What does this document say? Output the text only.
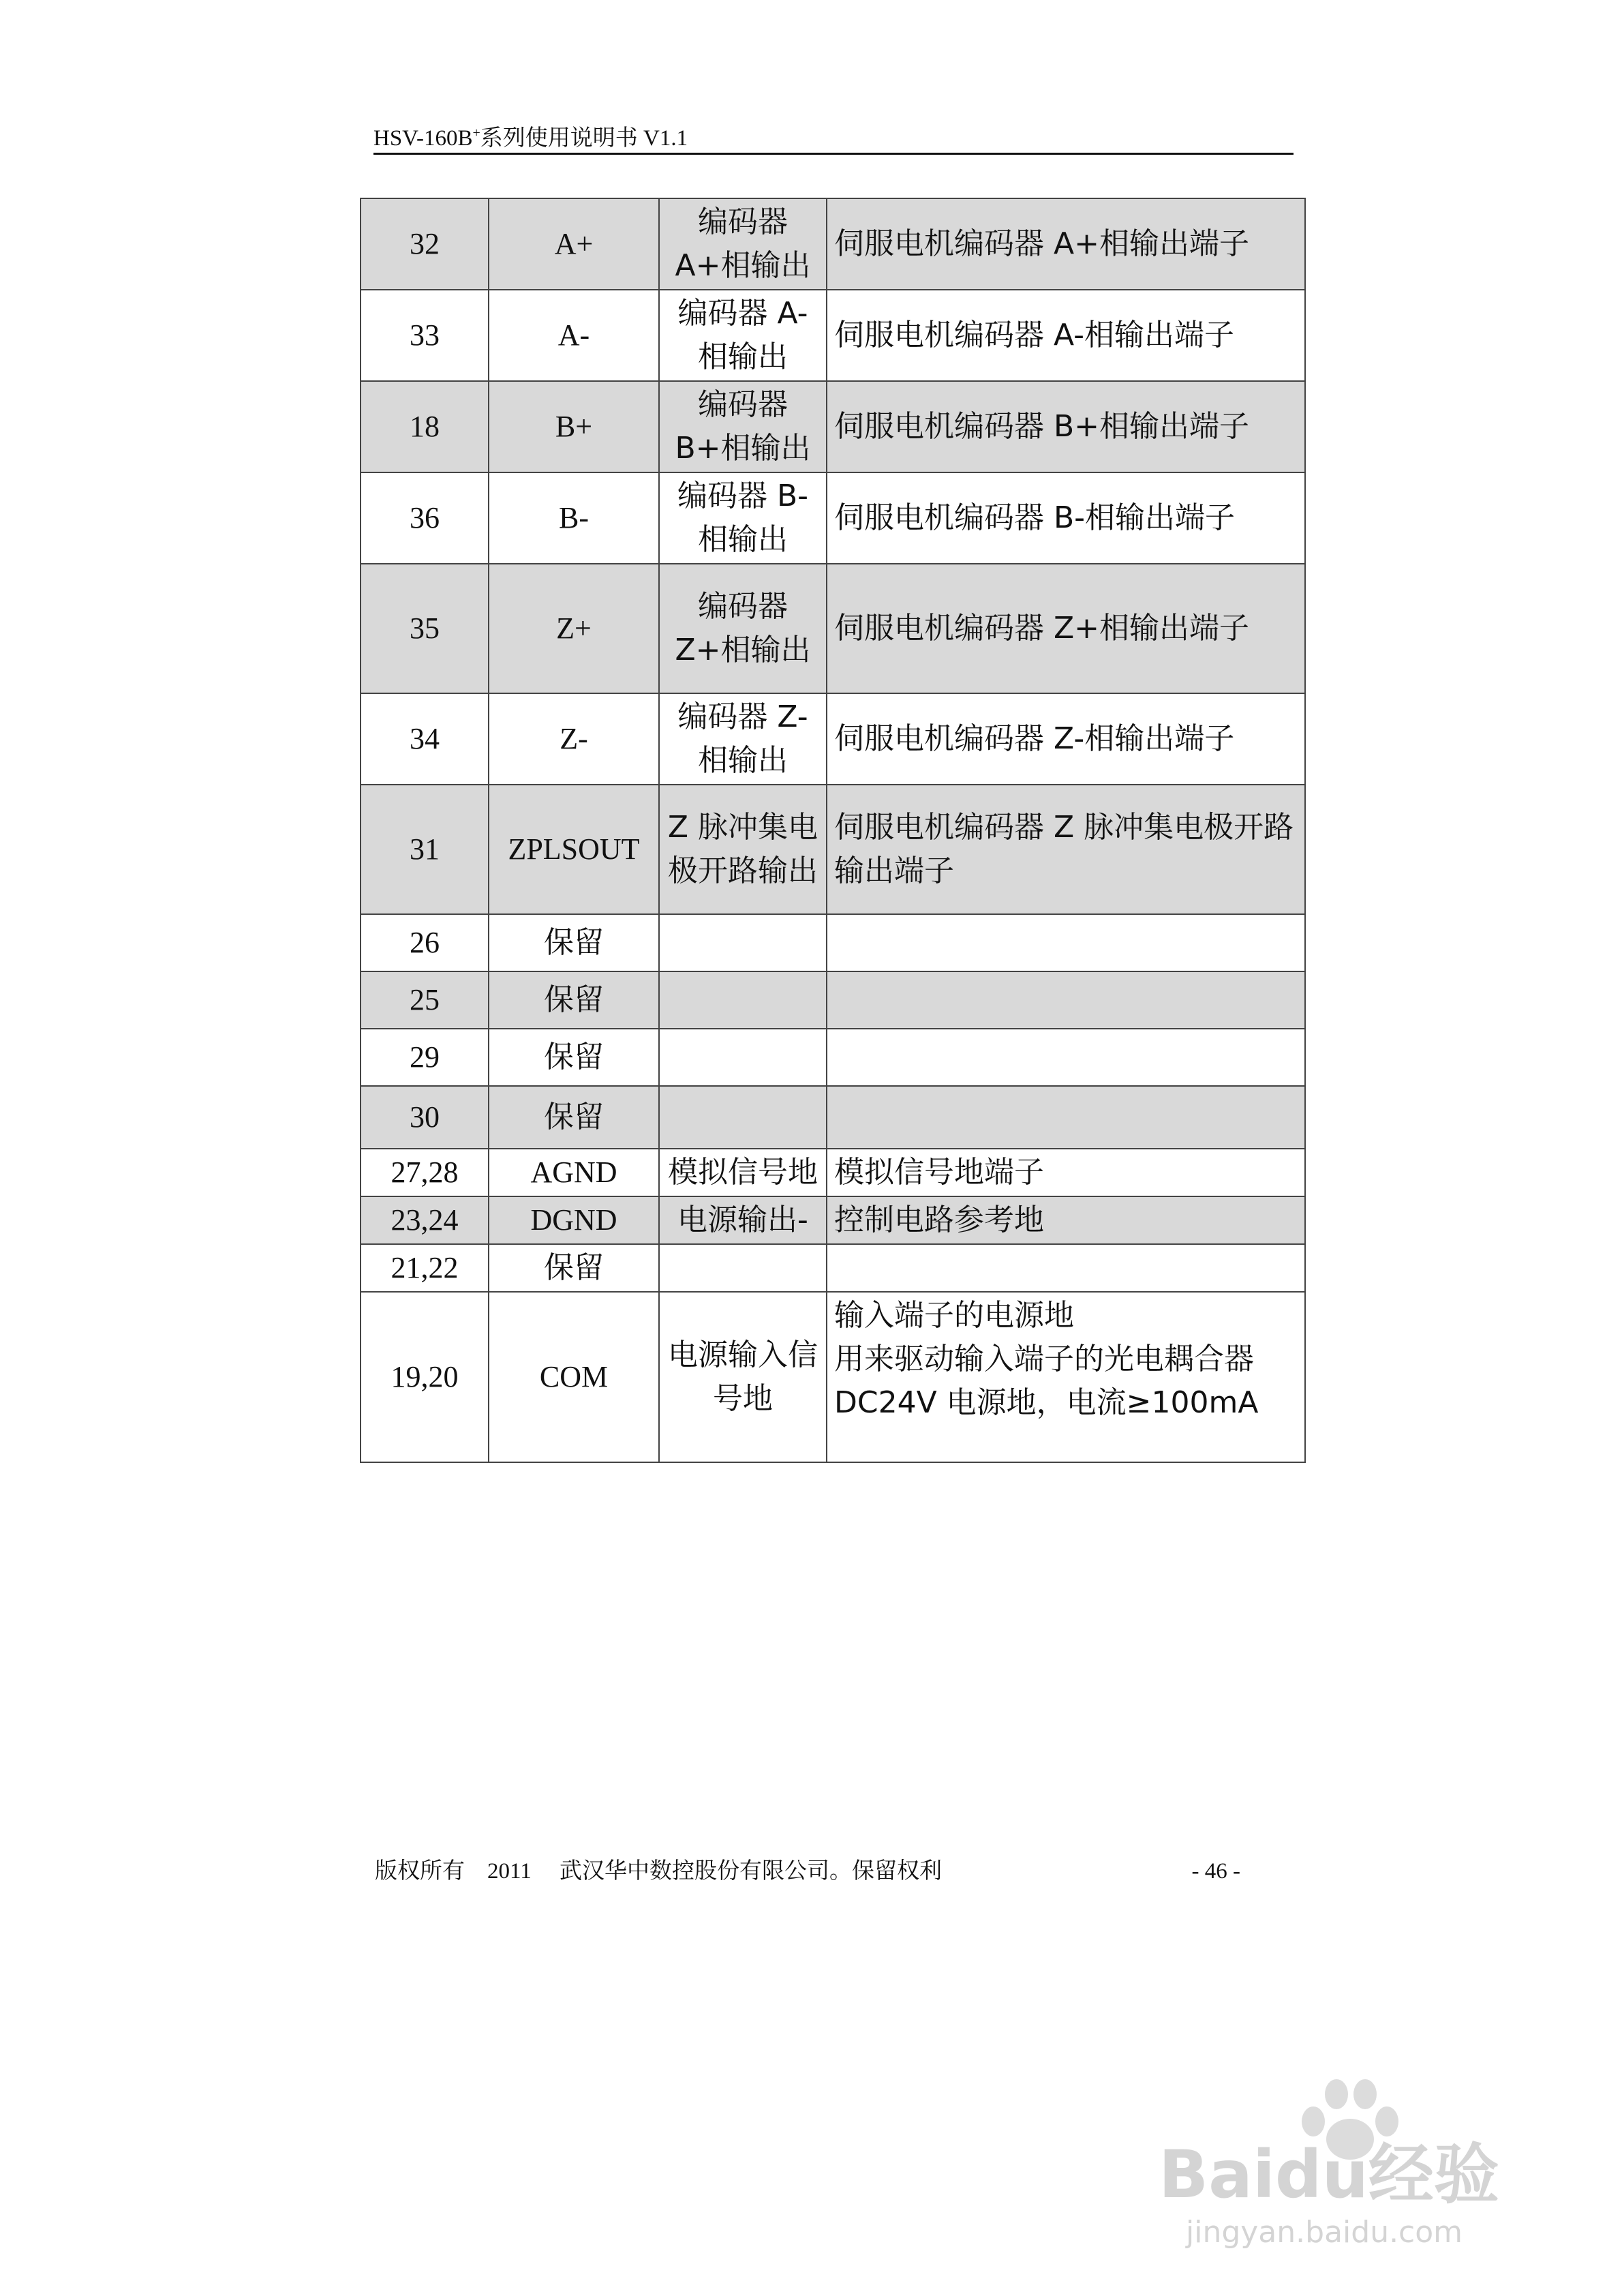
HSV-160B+系列使用说明书 V1.1
32	A+	编码器 A+相输出	伺服电机编码器 A+相输出端子

33	A-	编码器 A-相输出	伺服电机编码器 A-相输出端子

18	B+	编码器 B+相输出	伺服电机编码器 B+相输出端子

36	B-	编码器 B-相输出	伺服电机编码器 B-相输出端子

35	Z+	编码器 Z+相输出	伺服电机编码器 Z+相输出端子

34	Z-	编码器 Z-相输出	伺服电机编码器 Z-相输出端子

31	ZPLSOUT	Z 脉冲集电极开路输出	伺服电机编码器 Z 脉冲集电极开路输出端子

26	保留		

25	保留		

29	保留		

30	保留		

27,28	AGND	模拟信号地	模拟信号地端子

23,24	DGND	电源输出-	控制电路参考地

21,22	保留		

19,20	COM	电源输入信号地	输入端子的电源地
用来驱动输入端子的光电耦合器
DC24V 电源地，电流≥100mA
版权所有　2011　 武汉华中数控股份有限公司。保留权利	- 46 -
Baidu经验
jingyan.baidu.com
